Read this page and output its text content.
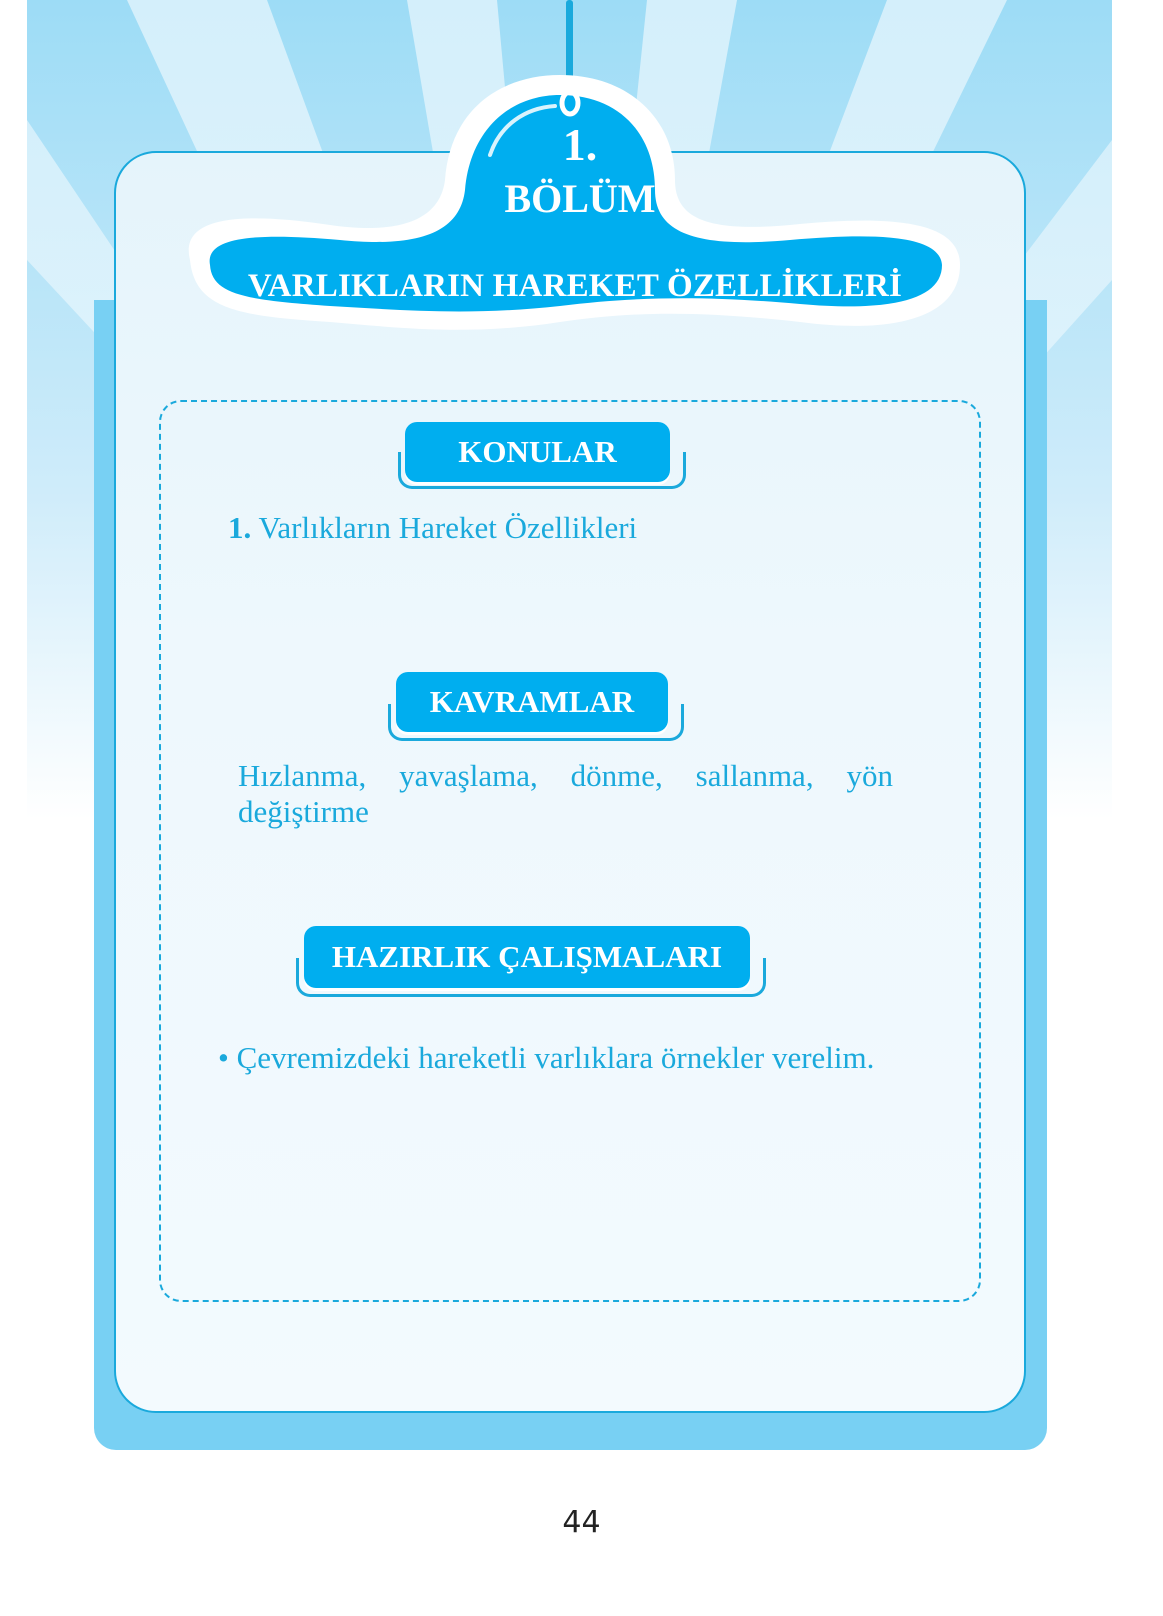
1.
BÖLÜM
VARLIKLARIN HAREKET ÖZELLİKLERİ
KONULAR
1. Varlıkların Hareket Özellikleri
KAVRAMLAR
Hızlanma, yavaşlama, dönme, sallanma, yön
değiştirme
HAZIRLIK ÇALIŞMALARI
• Çevremizdeki hareketli varlıklara örnekler verelim.
44
